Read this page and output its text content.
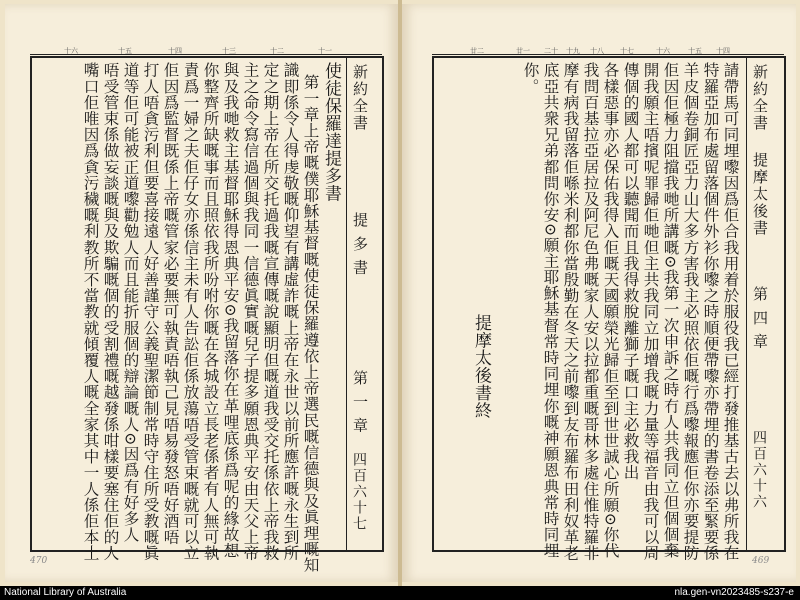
新約全書
提 多 書
第 一 章
四百六十七
十一
十二
十三
十四
十五
十六
使徒保羅達提多書
第一章上帝嘅僕耶穌基督嘅使徒保羅遵依上帝選民嘅信德與及眞理嘅知
識即係令人得虔敬嘅仰望有講虛詐嘅上帝在永世以前所應許嘅永生到所
定之期上帝在所交托過我嘅宣傳嘅說顯明但嘅道我受交托係依上帝我救
主之命令寫信過個與我同一信德眞實嘅兒子提多願恩典平安由天父上帝
與及我哋救主基督耶穌得恩典平安⊙我留落你在革哩底係爲呢的緣故想
你整齊所缺嘅事而且照依我所吩咐你嘅在各城設立長老係者有人無可執
責爲一婦之夫佢仔女亦係信主未有人告訟佢係放蕩唔受管束嘅就可以立
佢因爲監督既係上帝嘅管家必要無可執責唔執己見唔易發怒唔好酒唔
打人唔貪污利但要喜接遠人好善謹守公義聖潔節制常時守住所受教嘅眞
道等佢可能被正道嚟勸勉人而且能折服個的辯論嘅人⊙因爲有好多人
唔受管束係做妄談嘅與及欺騙嘅個的受割禮嘅越發係咁樣要塞住佢的人
嘴口佢唯因爲貪污穢嘅利教所不當教就傾覆人嘅全家其中一人係佢本土	新約全書
提摩太後書
第 四 章
四百六十六
十四
十五
十六
十七
十八
十九
二十
廿一
廿二
請帶馬可同埋嚟因爲佢合我用着於服役我已經打發推基古去以弗所我在
特羅亞加布處留落個件外衫你嚟之時順便帶嚟亦帶埋的書卷添至緊要係
羊皮個卷銅匠亞力山大多方害我主必照依佢嘅行爲嚟報應佢你亦要提防
佢因佢極力阻擋我哋所講嘅⊙我第一次申訴之時冇人共我同立但個個棄
開我願主唔擯呢罪歸佢哋但主共我同立加增我嘅力量等福音由我可以周
傳個的國人都可以聽聞而且我得救脫離獅子嘅口主必救我出
各樣惡事亦必保佑我得入佢嘅天國願榮光歸佢至到世世誠心所願⊙你代
我問百基拉亞居拉及阿尼色弗嘅家人安以拉都重嘅哥林多處住惟特羅非
摩有病我留落佢喺米利都你當殷勤在冬天之前嚟到友布羅布田利奴革老
底亞共衆兄弟都問你安⊙願主耶穌基督常時同埋你嘅神願恩典常時同埋
你。
提摩太後書終
470	469
National Library of Australia	nla.gen-vn2023485-s237-e
